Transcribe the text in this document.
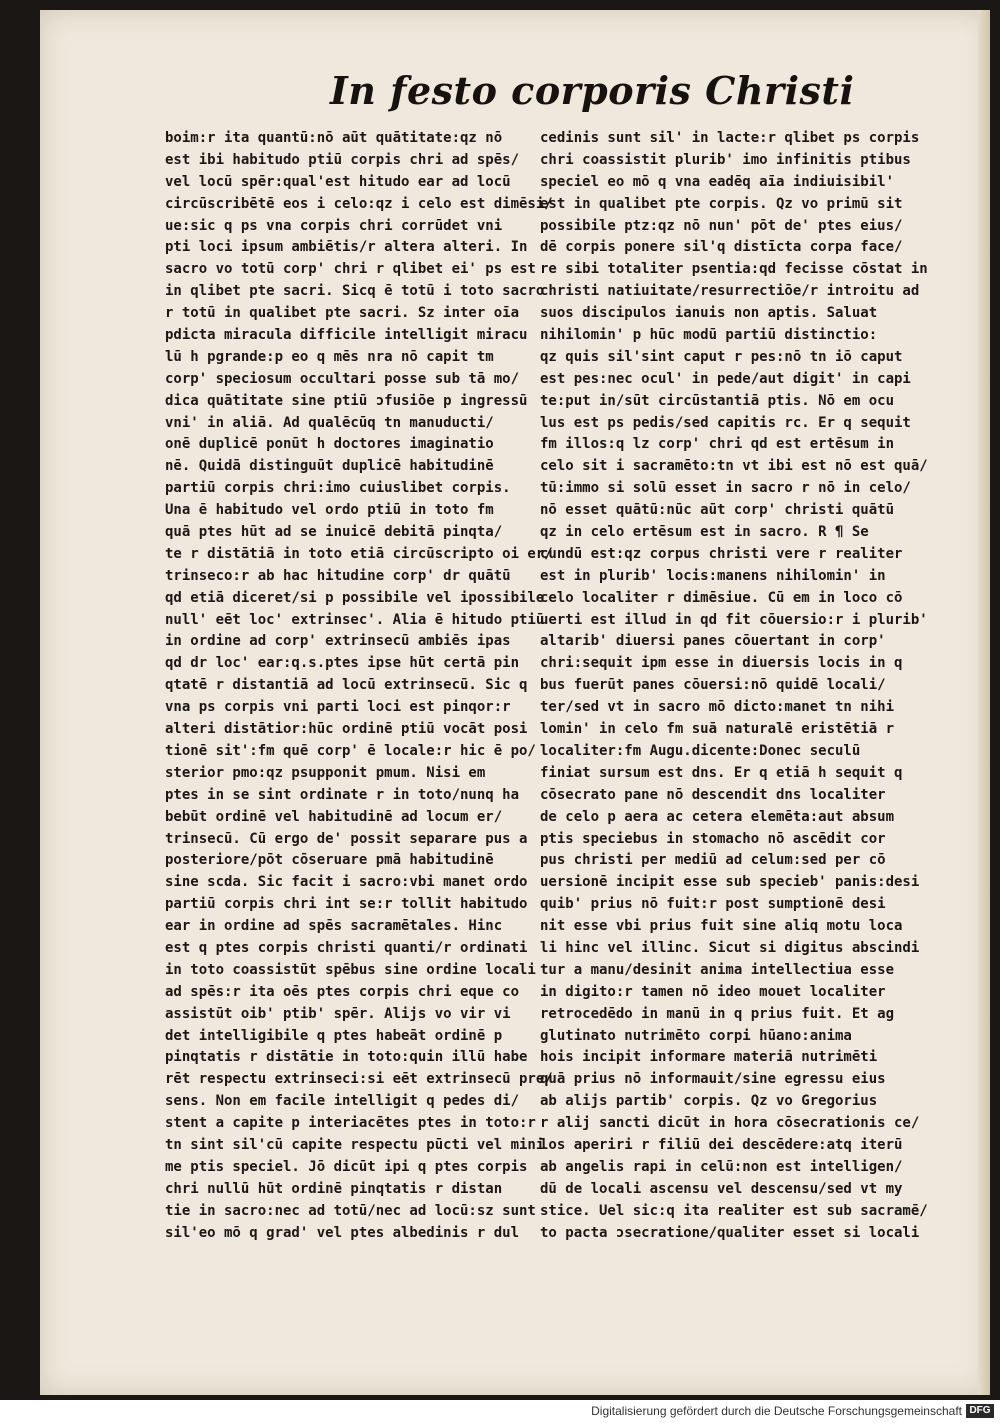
In festo corporis Christi
boim:r ita quantū:nō aūt quātitate:qz nō
est ibi habitudo ptiū corpis chri ad spēs/
vel locū spēr:qual'est hitudo ear ad locū
circūscribētē eos i celo:qz i celo est dimēsi/
ue:sic q ps vna corpis chri corrūdet vni
pti loci ipsum ambiētis/r altera alteri. In
sacro vo totū corp' chri r qlibet ei' ps est
in qlibet pte sacri. Sicq ē totū i toto sacro
r totū in qualibet pte sacri. Sz inter oīa
pdicta miracula difficile intelligit miracu
lū h pgrande:p eo q mēs nra nō capit tm
corp' speciosum occultari posse sub tā mo/
dica quātitate sine ptiū ɔfusiōe p ingressū
vni' in aliā. Ad qualēcūq tn manuducti/
onē duplicē ponūt h doctores imaginatio
nē. Quidā distinguūt duplicē habitudinē
partiū corpis chri:imo cuiuslibet corpis.
Una ē habitudo vel ordo ptiū in toto fm
quā ptes hūt ad se inuicē debitā pinqta/
te r distātiā in toto etiā circūscripto oi er/
trinseco:r ab hac hitudine corp' dr quātū
qd etiā diceret/si p possibile vel ipossibile
null' eēt loc' extrinsec'. Alia ē hitudo ptiū
in ordine ad corp' extrinsecū ambiēs ipas
qd dr loc' ear:q.s.ptes ipse hūt certā pin
qtatē r distantiā ad locū extrinsecū. Sic q
vna ps corpis vni parti loci est pinqor:r
alteri distātior:hūc ordinē ptiū vocāt posi
tionē sit':fm quē corp' ē locale:r hic ē po/
sterior pmo:qz psupponit pmum. Nisi em
ptes in se sint ordinate r in toto/nunq ha
bebūt ordinē vel habitudinē ad locum er/
trinsecū. Cū ergo de' possit separare pus a
posteriore/pōt cōseruare pmā habitudinē
sine scda. Sic facit i sacro:vbi manet ordo
partiū corpis chri int se:r tollit habitudo
ear in ordine ad spēs sacramētales. Hinc
est q ptes corpis christi quanti/r ordinati
in toto coassistūt spēbus sine ordine locali
ad spēs:r ita oēs ptes corpis chri eque co
assistūt oib' ptib' spēr. Alijs vo vir vi
det intelligibile q ptes habeāt ordinē p
pinqtatis r distātie in toto:quin illū habe
rēt respectu extrinseci:si eēt extrinsecū pre/
sens. Non em facile intelligit q pedes di/
stent a capite p interiacētes ptes in toto:r
tn sint sil'cū capite respectu pūcti vel mini
me ptis speciel. Jō dicūt ipi q ptes corpis
chri nullū hūt ordinē pinqtatis r distan
tie in sacro:nec ad totū/nec ad locū:sz sunt
sil'eo mō q grad' vel ptes albedinis r dul
cedinis sunt sil' in lacte:r qlibet ps corpis
chri coassistit plurib' imo infinitis ptibus
speciel eo mō q vna eadēq aīa indiuisibil'
est in qualibet pte corpis. Qz vo primū sit
possibile ptz:qz nō nun' pōt de' ptes eius/
dē corpis ponere sil'q distīcta corpa face/
re sibi totaliter psentia:qd fecisse cōstat in
christi natiuitate/resurrectiōe/r introitu ad
suos discipulos ianuis non aptis. Saluat
nihilomin' p hūc modū partiū distinctio:
qz quis sil'sint caput r pes:nō tn iō caput
est pes:nec ocul' in pede/aut digit' in capi
te:put in/sūt circūstantiā ptis. Nō em ocu
lus est ps pedis/sed capitis rc. Er q sequit
fm illos:q lz corp' chri qd est ertēsum in
celo sit i sacramēto:tn vt ibi est nō est quā/
tū:immo si solū esset in sacro r nō in celo/
nō esset quātū:nūc aūt corp' christi quātū
qz in celo ertēsum est in sacro. R ¶ Se
cundū est:qz corpus christi vere r realiter
est in plurib' locis:manens nihilomin' in
celo localiter r dimēsiue. Cū em in loco cō
uerti est illud in qd fit cōuersio:r i plurib'
altarib' diuersi panes cōuertant in corp'
chri:sequit ipm esse in diuersis locis in q
bus fuerūt panes cōuersi:nō quidē locali/
ter/sed vt in sacro mō dicto:manet tn nihi
lomin' in celo fm suā naturalē eristētiā r
localiter:fm Augu.dicente:Donec seculū
finiat sursum est dns. Er q etiā h sequit q
cōsecrato pane nō descendit dns localiter
de celo p aera ac cetera elemēta:aut absum
ptis speciebus in stomacho nō ascēdit cor
pus christi per mediū ad celum:sed per cō
uersionē incipit esse sub specieb' panis:desi
quib' prius nō fuit:r post sumptionē desi
nit esse vbi prius fuit sine aliq motu loca
li hinc vel illinc. Sicut si digitus abscindi
tur a manu/desinit anima intellectiua esse
in digito:r tamen nō ideo mouet localiter
retrocedēdo in manū in q prius fuit. Et ag
glutinato nutrimēto corpi hūano:anima
hois incipit informare materiā nutrimēti
quā prius nō informauit/sine egressu eius
ab alijs partib' corpis. Qz vo Gregorius
r alij sancti dicūt in hora cōsecrationis ce/
los aperiri r filiū dei descēdere:atq iterū
ab angelis rapi in celū:non est intelligen/
dū de locali ascensu vel descensu/sed vt my
stice. Uel sic:q ita realiter est sub sacramē/
to pacta ɔsecratione/qualiter esset si locali
Digitalisierung gefördert durch die Deutsche Forschungsgemeinschaft DFG
